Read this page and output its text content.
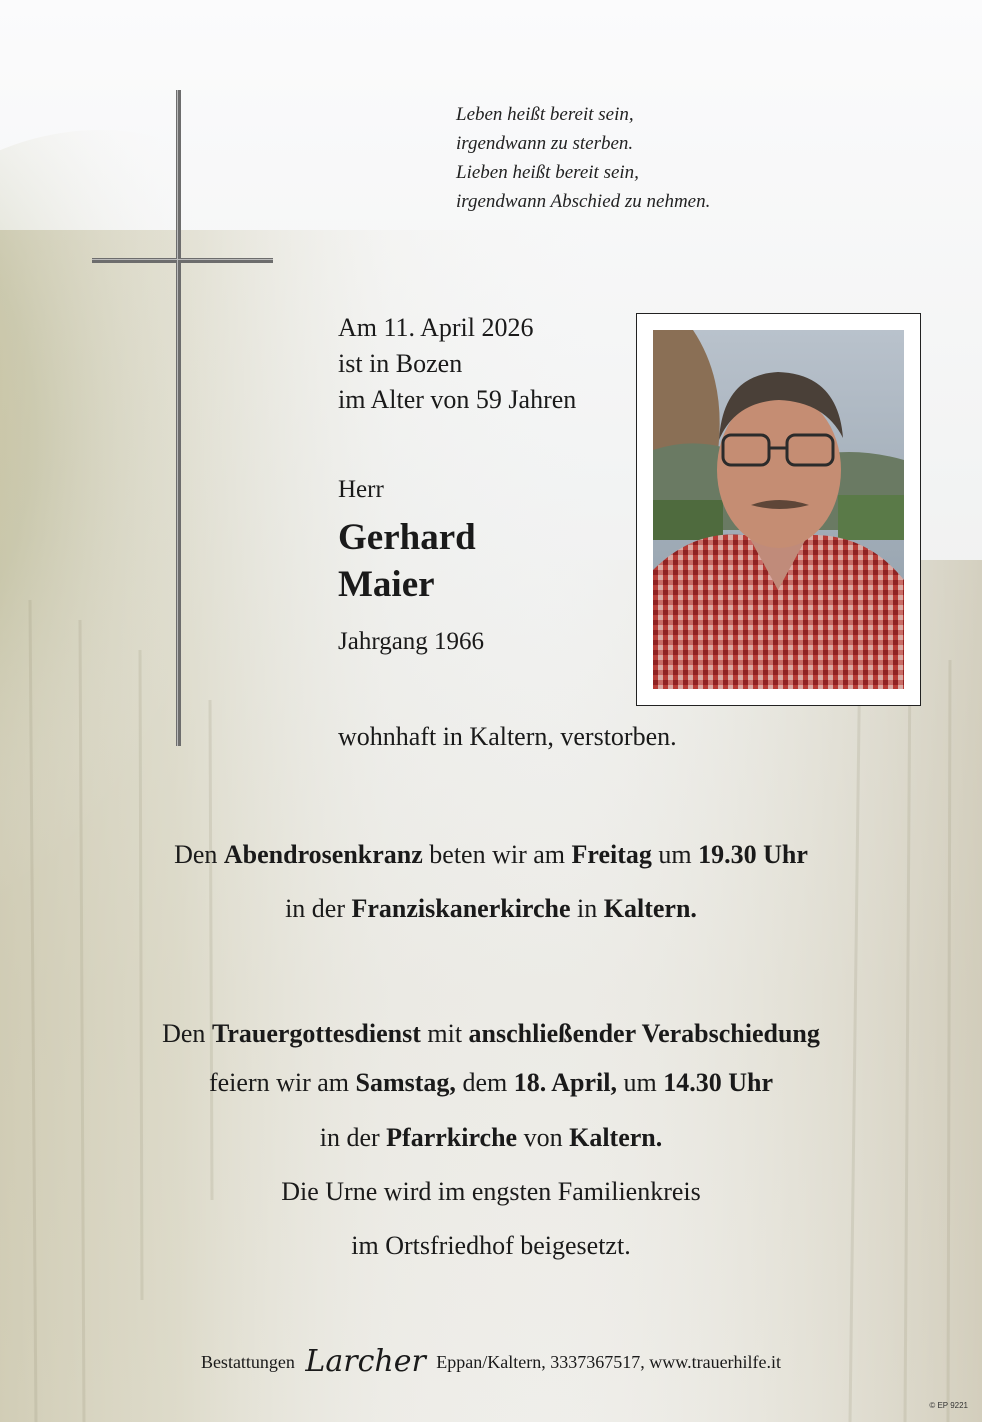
Leben heißt bereit sein,
irgendwann zu sterben.
Lieben heißt bereit sein,
irgendwann Abschied zu nehmen.
Am 11. April 2026
ist in Bozen
im Alter von 59 Jahren
Herr
Gerhard
Maier
Jahrgang 1966
wohnhaft in Kaltern, verstorben.
Den Abendrosenkranz beten wir am Freitag um 19.30 Uhr
in der Franziskanerkirche in Kaltern.
Den Trauergottesdienst mit anschließender Verabschiedung
feiern wir am Samstag, dem 18. April, um 14.30 Uhr
in der Pfarrkirche von Kaltern.
Die Urne wird im engsten Familienkreis
im Ortsfriedhof beigesetzt.
Bestattungen Larcher Eppan/Kaltern, 3337367517, www.trauerhilfe.it
© EP 9221
